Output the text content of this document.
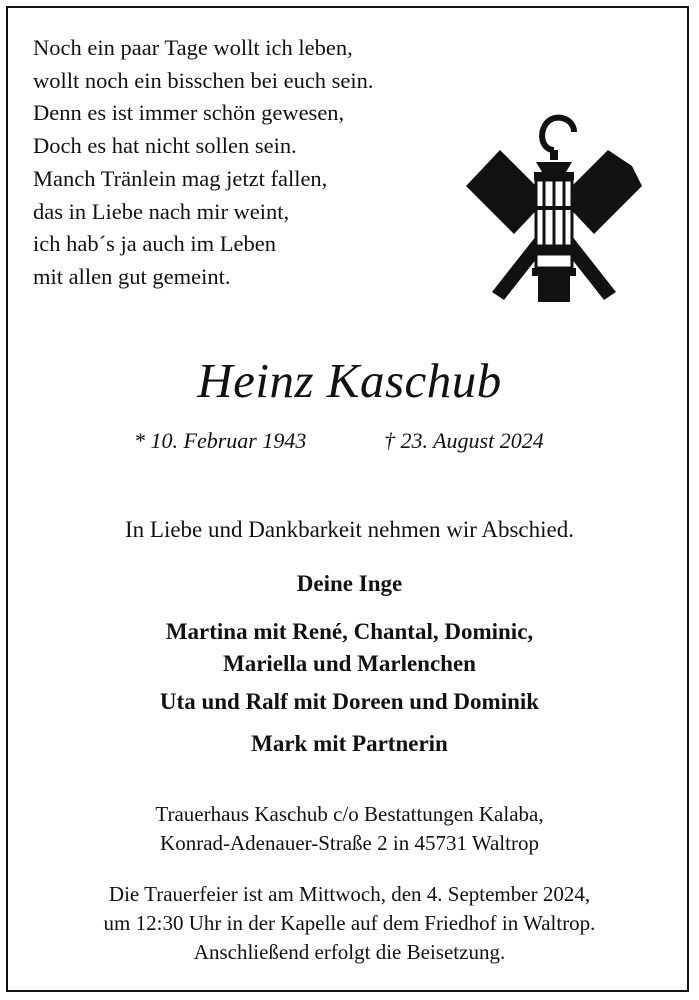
Noch ein paar Tage wollt ich leben,
wollt noch ein bisschen bei euch sein.
Denn es ist immer schön gewesen,
Doch es hat nicht sollen sein.
Manch Tränlein mag jetzt fallen,
das in Liebe nach mir weint,
ich hab´s ja auch im Leben
mit allen gut gemeint.
Heinz Kaschub
* 10. Februar 1943	† 23. August 2024
In Liebe und Dankbarkeit nehmen wir Abschied.
Deine Inge
Martina mit René, Chantal, Dominic,
Mariella und Marlenchen
Uta und Ralf mit Doreen und Dominik
Mark mit Partnerin
Trauerhaus Kaschub c/o Bestattungen Kalaba,
Konrad-Adenauer-Straße 2 in 45731 Waltrop
Die Trauerfeier ist am Mittwoch, den 4. September 2024,
um 12:30 Uhr in der Kapelle auf dem Friedhof in Waltrop.
Anschließend erfolgt die Beisetzung.
